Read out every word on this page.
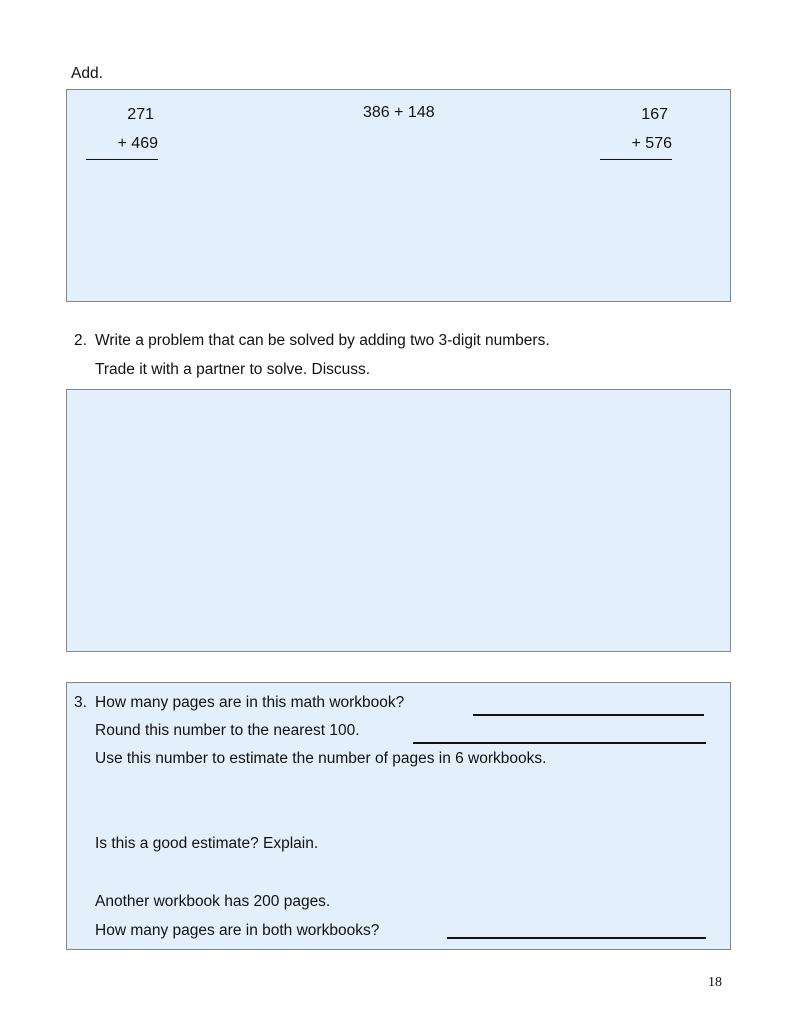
Add.
271
+ 469
386 + 148	167
+ 576
2. Write a problem that can be solved by adding two 3-digit numbers.
Trade it with a partner to solve. Discuss.
3. How many pages are in this math workbook?
Round this number to the nearest 100.
Use this number to estimate the number of pages in 6 workbooks.
Is this a good estimate? Explain.
Another workbook has 200 pages.
How many pages are in both workbooks?
18
